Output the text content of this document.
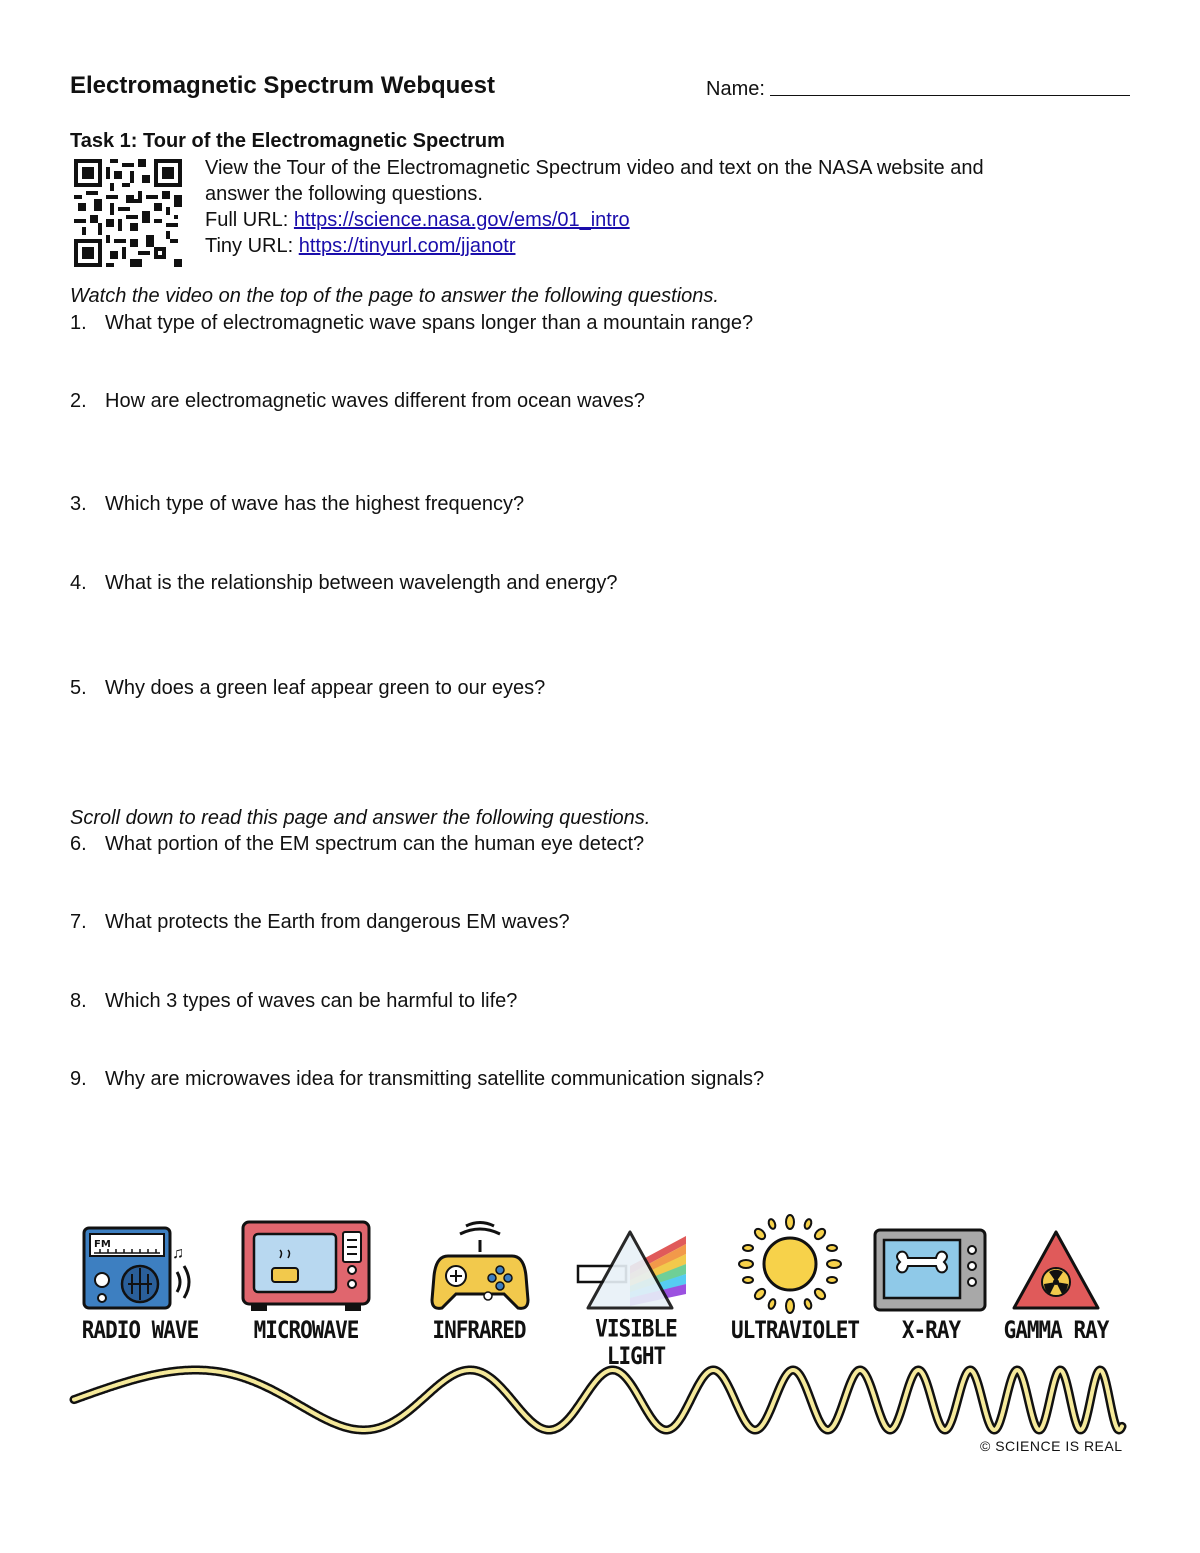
Electromagnetic Spectrum Webquest	Name:
Task 1: Tour of the Electromagnetic Spectrum
View the Tour of the Electromagnetic Spectrum video and text on the NASA website and
answer the following questions.
Full URL: https://science.nasa.gov/ems/01_intro
Tiny URL: https://tinyurl.com/jjanotr
Watch the video on the top of the page to answer the following questions.
1. What type of electromagnetic wave spans longer than a mountain range?
2. How are electromagnetic waves different from ocean waves?
3. Which type of wave has the highest frequency?
4. What is the relationship between wavelength and energy?
5. Why does a green leaf appear green to our eyes?
Scroll down to read this page and answer the following questions.
6. What portion of the EM spectrum can the human eye detect?
7. What protects the Earth from dangerous EM waves?
8. Which 3 types of waves can be harmful to life?
9. Why are microwaves idea for transmitting satellite communication signals?
FM
♫
RADIO WAVE	MICROWAVE	INFRARED	VISIBLE LIGHT
ULTRAVIOLET	X-RAY	GAMMA RAY
© SCIENCE IS REAL
